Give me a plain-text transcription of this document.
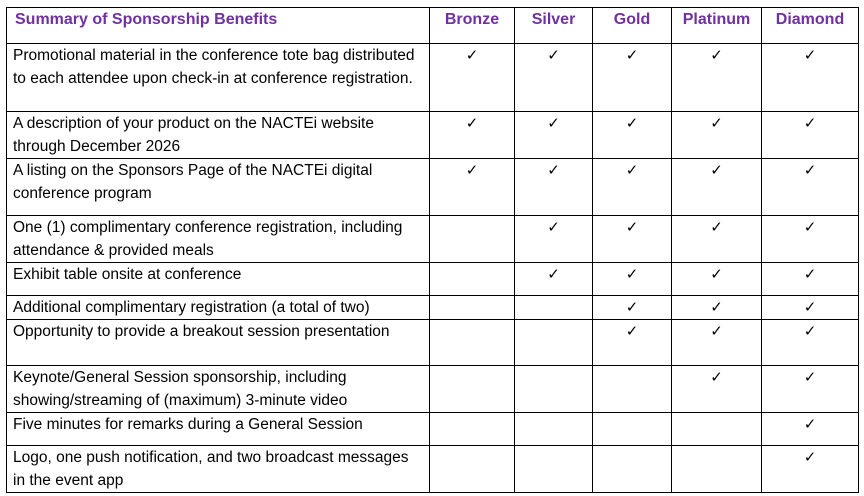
Summary of Sponsorship Benefits	Bronze	Silver	Gold	Platinum	Diamond
Promotional material in the conference tote bag distributed to each attendee upon check-in at conference registration.	✓	✓	✓	✓	✓
A description of your product on the NACTEi website through December 2026	✓	✓	✓	✓	✓
A listing on the Sponsors Page of the NACTEi digital conference program	✓	✓	✓	✓	✓
One (1) complimentary conference registration, including attendance & provided meals		✓	✓	✓	✓
Exhibit table onsite at conference		✓	✓	✓	✓
Additional complimentary registration (a total of two)			✓	✓	✓
Opportunity to provide a breakout session presentation			✓	✓	✓
Keynote/General Session sponsorship, including showing/streaming of (maximum) 3-minute video				✓	✓
Five minutes for remarks during a General Session					✓
Logo, one push notification, and two broadcast messages in the event app					✓
